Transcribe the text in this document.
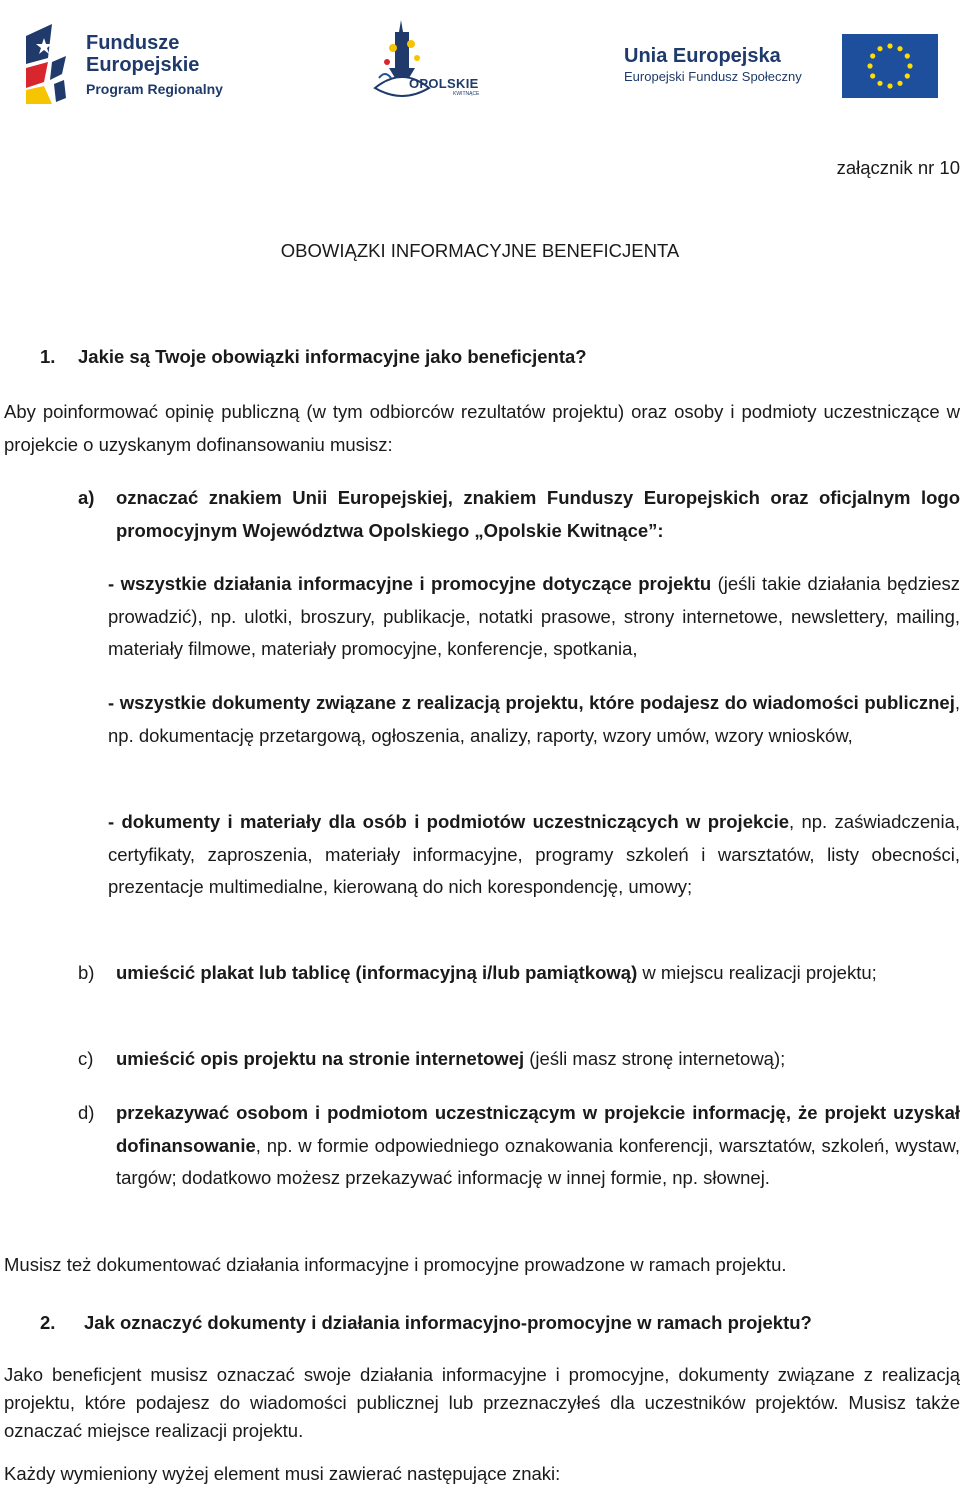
Fundusze
Europejskie
Program Regionalny	OPOLSKIE
KWITNĄCE
Unia Europejska
Europejski Fundusz Społeczny

załącznik nr 10

OBOWIĄZKI INFORMACYJNE BENEFICJENTA

1. Jakie są Twoje obowiązki informacyjne jako beneficjenta?

Aby poinformować opinię publiczną (w tym odbiorców rezultatów projektu) oraz osoby i podmioty uczestniczące w projekcie o uzyskanym dofinansowaniu musisz:

a) oznaczać znakiem Unii Europejskiej, znakiem Funduszy Europejskich oraz oficjalnym logo promocyjnym Województwa Opolskiego „Opolskie Kwitnące”:

- wszystkie działania informacyjne i promocyjne dotyczące projektu (jeśli takie działania będziesz prowadzić), np. ulotki, broszury, publikacje, notatki prasowe, strony internetowe, newslettery, mailing, materiały filmowe, materiały promocyjne, konferencje, spotkania,

- wszystkie dokumenty związane z realizacją projektu, które podajesz do wiadomości publicznej, np. dokumentację przetargową, ogłoszenia, analizy, raporty, wzory umów, wzory wniosków,

- dokumenty i materiały dla osób i podmiotów uczestniczących w projekcie, np. zaświadczenia, certyfikaty, zaproszenia, materiały informacyjne, programy szkoleń i warsztatów, listy obecności, prezentacje multimedialne, kierowaną do nich korespondencję, umowy;

b) umieścić plakat lub tablicę (informacyjną i/lub pamiątkową) w miejscu realizacji projektu;

c) umieścić opis projektu na stronie internetowej (jeśli masz stronę internetową);

d) przekazywać osobom i podmiotom uczestniczącym w projekcie informację, że projekt uzyskał dofinansowanie, np. w formie odpowiedniego oznakowania konferencji, warsztatów, szkoleń, wystaw, targów; dodatkowo możesz przekazywać informację w innej formie, np. słownej.

Musisz też dokumentować działania informacyjne i promocyjne prowadzone w ramach projektu.

2. Jak oznaczyć dokumenty i działania informacyjno-promocyjne w ramach projektu?

Jako beneficjent musisz oznaczać swoje działania informacyjne i promocyjne, dokumenty związane z realizacją projektu, które podajesz do wiadomości publicznej lub przeznaczyłeś dla uczestników projektów. Musisz także oznaczać miejsce realizacji projektu.

Każdy wymieniony wyżej element musi zawierać następujące znaki:
